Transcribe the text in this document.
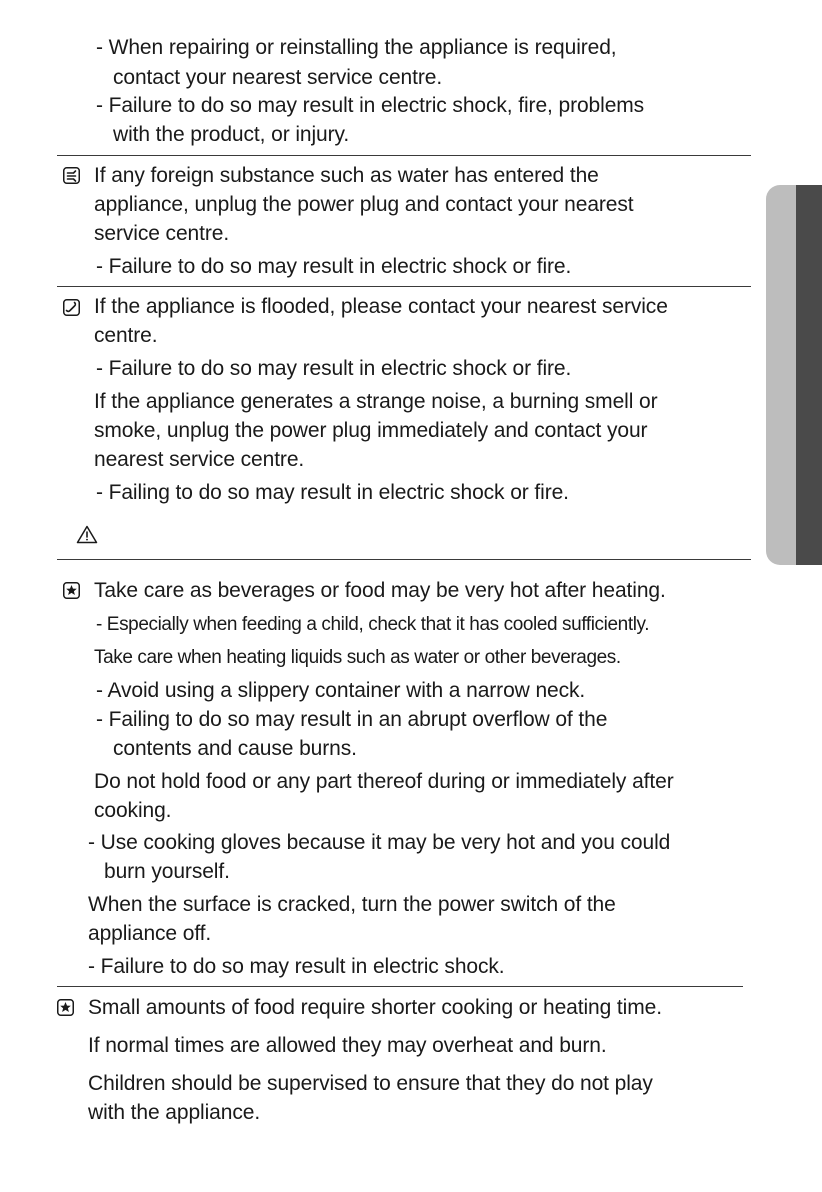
- When repairing or reinstalling the appliance is required,
contact your nearest service centre.
- Failure to do so may result in electric shock, fire, problems
with the product, or injury.
If any foreign substance such as water has entered the
appliance, unplug the power plug and contact your nearest
service centre.
- Failure to do so may result in electric shock or fire.
If the appliance is flooded, please contact your nearest service
centre.
- Failure to do so may result in electric shock or fire.
If the appliance generates a strange noise, a burning smell or
smoke, unplug the power plug immediately and contact your
nearest service centre.
- Failing to do so may result in electric shock or fire.
Take care as beverages or food may be very hot after heating.
- Especially when feeding a child, check that it has cooled sufficiently.
Take care when heating liquids such as water or other beverages.
- Avoid using a slippery container with a narrow neck.
- Failing to do so may result in an abrupt overflow of the
contents and cause burns.
Do not hold food or any part thereof during or immediately after
cooking.
- Use cooking gloves because it may be very hot and you could
burn yourself.
When the surface is cracked, turn the power switch of the
appliance off.
- Failure to do so may result in electric shock.
Small amounts of food require shorter cooking or heating time.
If normal times are allowed they may overheat and burn.
Children should be supervised to ensure that they do not play
with the appliance.
